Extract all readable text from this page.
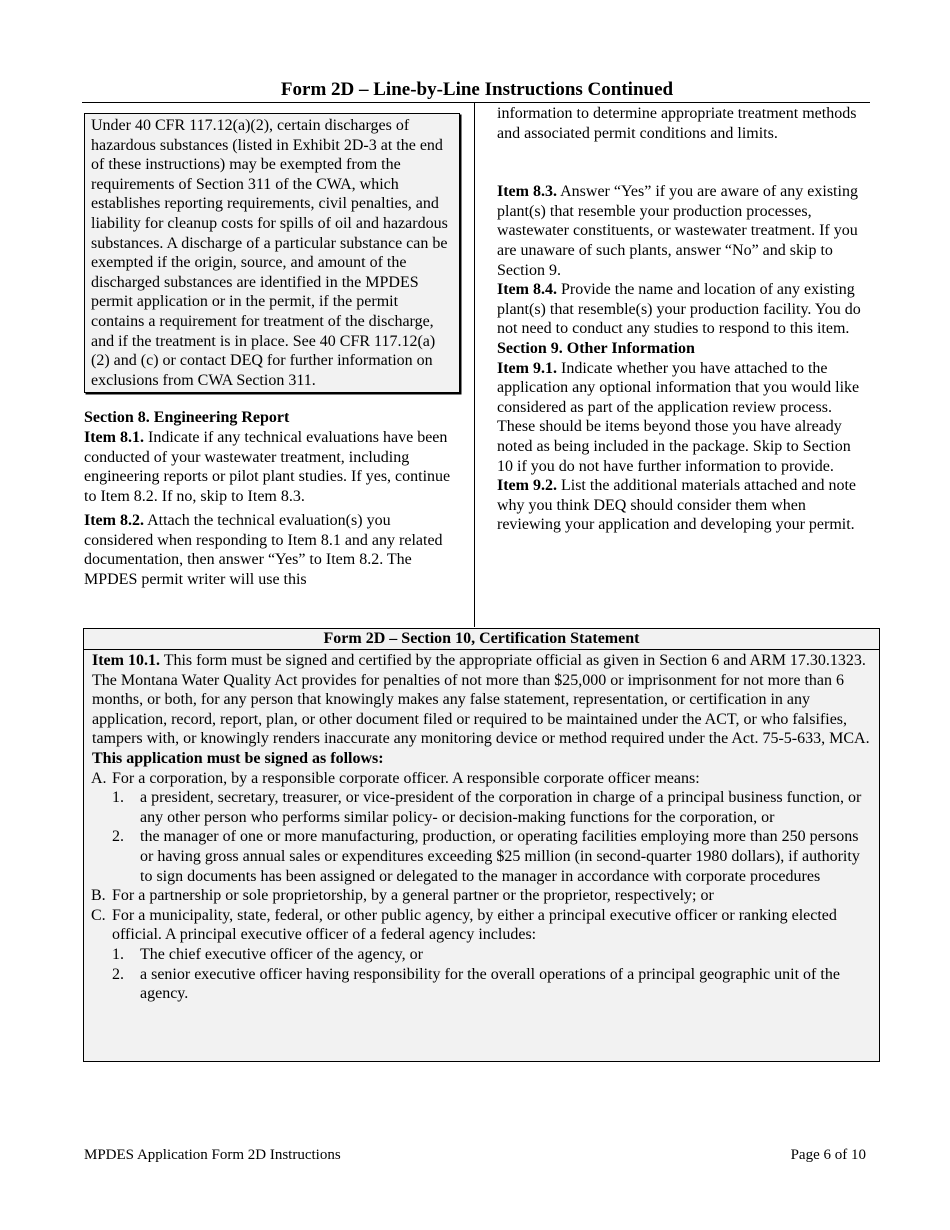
Form 2D – Line-by-Line Instructions Continued

Under 40 CFR 117.12(a)(2), certain discharges of hazardous substances (listed in Exhibit 2D-3 at the end of these instructions) may be exempted from the requirements of Section 311 of the CWA, which establishes reporting requirements, civil penalties, and liability for cleanup costs for spills of oil and hazardous substances. A discharge of a particular substance can be exempted if the origin, source, and amount of the discharged substances are identified in the MPDES permit application or in the permit, if the permit contains a requirement for treatment of the discharge, and if the treatment is in place. See 40 CFR 117.12(a)(2) and (c) or contact DEQ for further information on exclusions from CWA Section 311.

Section 8. Engineering Report

Item 8.1. Indicate if any technical evaluations have been conducted of your wastewater treatment, including engineering reports or pilot plant studies. If yes, continue to Item 8.2. If no, skip to Item 8.3.

Item 8.2. Attach the technical evaluation(s) you considered when responding to Item 8.1 and any related documentation, then answer “Yes” to Item 8.2. The MPDES permit writer will use this

information to determine appropriate treatment methods and associated permit conditions and limits.

Item 8.3. Answer “Yes” if you are aware of any existing plant(s) that resemble your production processes, wastewater constituents, or wastewater treatment. If you are unaware of such plants, answer “No” and skip to Section 9.

Item 8.4. Provide the name and location of any existing plant(s) that resemble(s) your production facility. You do not need to conduct any studies to respond to this item.

Section 9. Other Information

Item 9.1. Indicate whether you have attached to the application any optional information that you would like considered as part of the application review process. These should be items beyond those you have already noted as being included in the package. Skip to Section 10 if you do not have further information to provide.

Item 9.2. List the additional materials attached and note why you think DEQ should consider them when reviewing your application and developing your permit.

Form 2D – Section 10, Certification Statement

Item 10.1. This form must be signed and certified by the appropriate official as given in Section 6 and ARM 17.30.1323. The Montana Water Quality Act provides for penalties of not more than $25,000 or imprisonment for not more than 6 months, or both, for any person that knowingly makes any false statement, representation, or certification in any application, record, report, plan, or other document filed or required to be maintained under the ACT, or who falsifies, tampers with, or knowingly renders inaccurate any monitoring device or method required under the Act. 75-5-633, MCA.

This application must be signed as follows:

A. For a corporation, by a responsible corporate officer. A responsible corporate officer means:
1. a president, secretary, treasurer, or vice-president of the corporation in charge of a principal business function, or any other person who performs similar policy- or decision-making functions for the corporation, or
2. the manager of one or more manufacturing, production, or operating facilities employing more than 250 persons or having gross annual sales or expenditures exceeding $25 million (in second-quarter 1980 dollars), if authority to sign documents has been assigned or delegated to the manager in accordance with corporate procedures
B. For a partnership or sole proprietorship, by a general partner or the proprietor, respectively; or
C. For a municipality, state, federal, or other public agency, by either a principal executive officer or ranking elected official. A principal executive officer of a federal agency includes:
1. The chief executive officer of the agency, or
2. a senior executive officer having responsibility for the overall operations of a principal geographic unit of the agency.
MPDES Application Form 2D Instructions	Page 6 of 10
